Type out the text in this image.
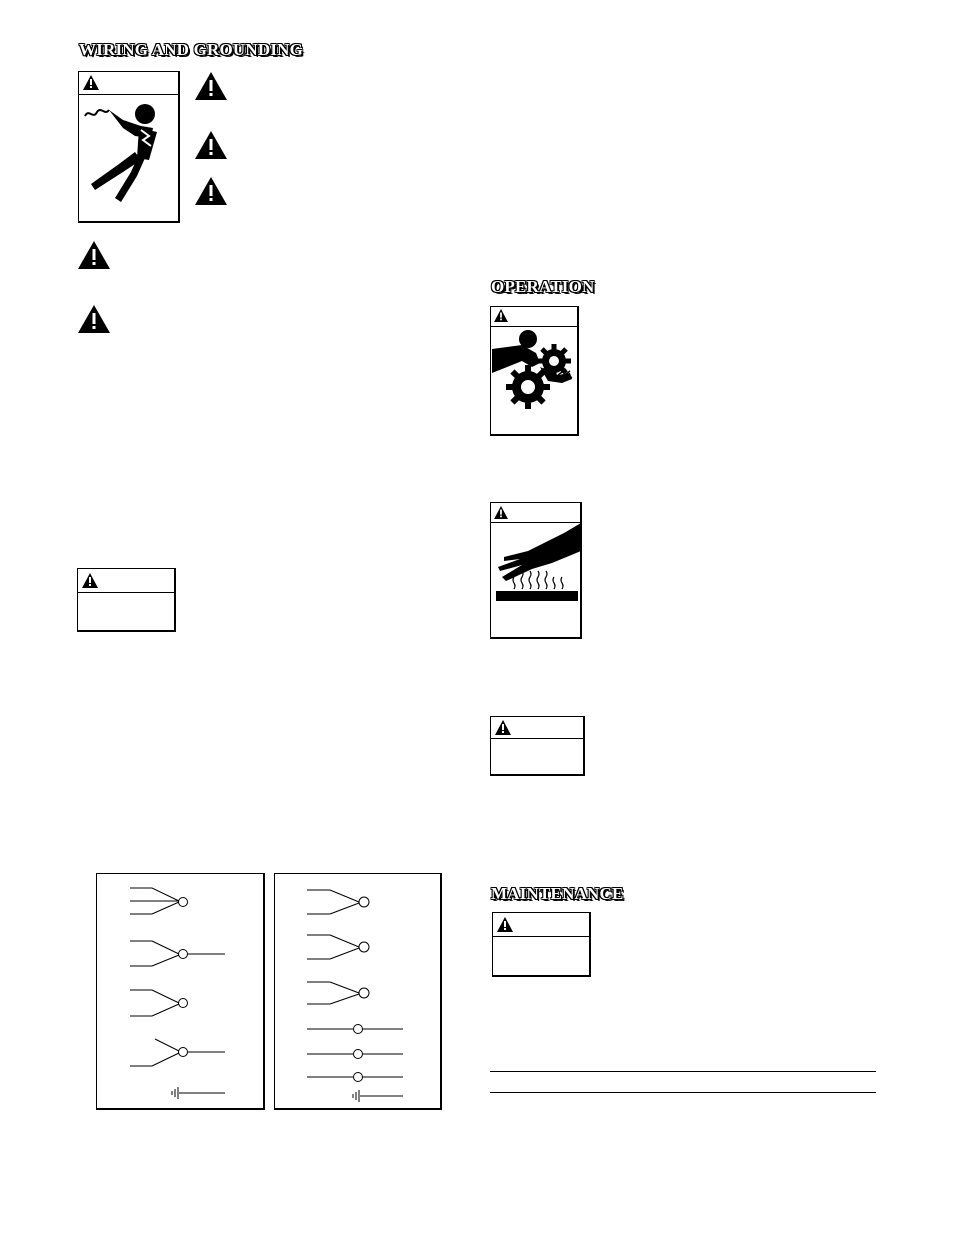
WIRING AND GROUNDING
OPERATION
MAINTENANCE
